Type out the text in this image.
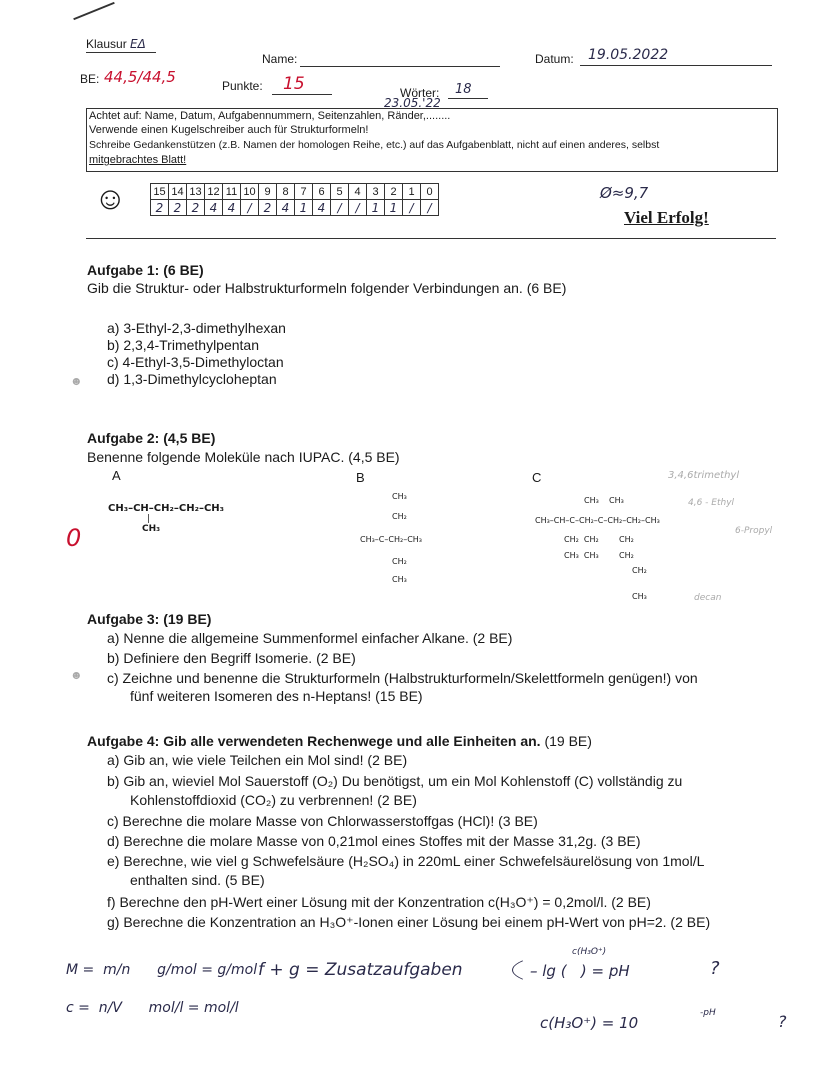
Klausur EΔ
Name:	Datum: 19.05.2022
BE: 44,5/44,5	Punkte: 15	Wörter: 18
23.05.'22
Achtet auf: Name, Datum, Aufgabennummern, Seitenzahlen, Ränder,........
Verwende einen Kugelschreiber auch für Strukturformeln!
Schreibe Gedankenstützen (z.B. Namen der homologen Reihe, etc.) auf das Aufgabenblatt, nicht auf einen anderes, selbst
mitgebrachtes Blatt!
☺ 15	14	13	12	11	10	9	8	7	6	5	4	3	2	1	0
2	2	2	4	4	/	2	4	1	4	/	/	1	1	/	/
Ø≈9,7
Viel Erfolg!
Aufgabe 1: (6 BE)
Gib die Struktur- oder Halbstrukturformeln folgender Verbindungen an. (6 BE)
a) 3-Ethyl-2,3-dimethylhexan
b) 2,3,4-Trimethylpentan
c) 4-Ethyl-3,5-Dimethyloctan
d) 1,3-Dimethylcycloheptan
☻
Aufgabe 2: (4,5 BE)
Benenne folgende Moleküle nach IUPAC. (4,5 BE)
A	B	C
CH₃–CH–CH₂–CH₂–CH₃
|
CH₃
CH₃
CH₂
CH₃–C–CH₂–CH₃
CH₂
CH₃
CH₃    CH₃
CH₃–CH–C–CH₂–C–CH₂–CH₂–CH₃
CH₂  CH₂        CH₂
CH₃  CH₃        CH₂
CH₂
CH₃
0
3,4,6trimethyl
4,6 - Ethyl
6-Propyl
decan
Aufgabe 3: (19 BE)
a) Nenne die allgemeine Summenformel einfacher Alkane. (2 BE)
b) Definiere den Begriff Isomerie. (2 BE)
c) Zeichne und benenne die Strukturformeln (Halbstrukturformeln/Skelettformeln genügen!) von
fünf weiteren Isomeren des n-Heptans! (15 BE)
☻
Aufgabe 4: Gib alle verwendeten Rechenwege und alle Einheiten an. (19 BE)
a) Gib an, wie viele Teilchen ein Mol sind! (2 BE)
b) Gib an, wieviel Mol Sauerstoff (O₂) Du benötigst, um ein Mol Kohlenstoff (C) vollständig zu
Kohlenstoffdioxid (CO₂) zu verbrennen! (2 BE)
c) Berechne die molare Masse von Chlorwasserstoffgas (HCl)! (3 BE)
d) Berechne die molare Masse von 0,21mol eines Stoffes mit der Masse 31,2g. (3 BE)
e) Berechne, wie viel g Schwefelsäure (H₂SO₄) in 220mL einer Schwefelsäurelösung von 1mol/L
enthalten sind. (5 BE)
f) Berechne den pH-Wert einer Lösung mit der Konzentration c(H₃O⁺) = 0,2mol/l. (2 BE)
g) Berechne die Konzentration an H₃O⁺-Ionen einer Lösung bei einem pH-Wert von pH=2. (2 BE)
M =  m/n      g/mol = g/mol
c =  n/V      mol/l = mol/l
f + g = Zusatzaufgaben
c(H₃O⁺)
– lg (   ) = pH	?
c(H₃O⁺) = 10
-pH	?
